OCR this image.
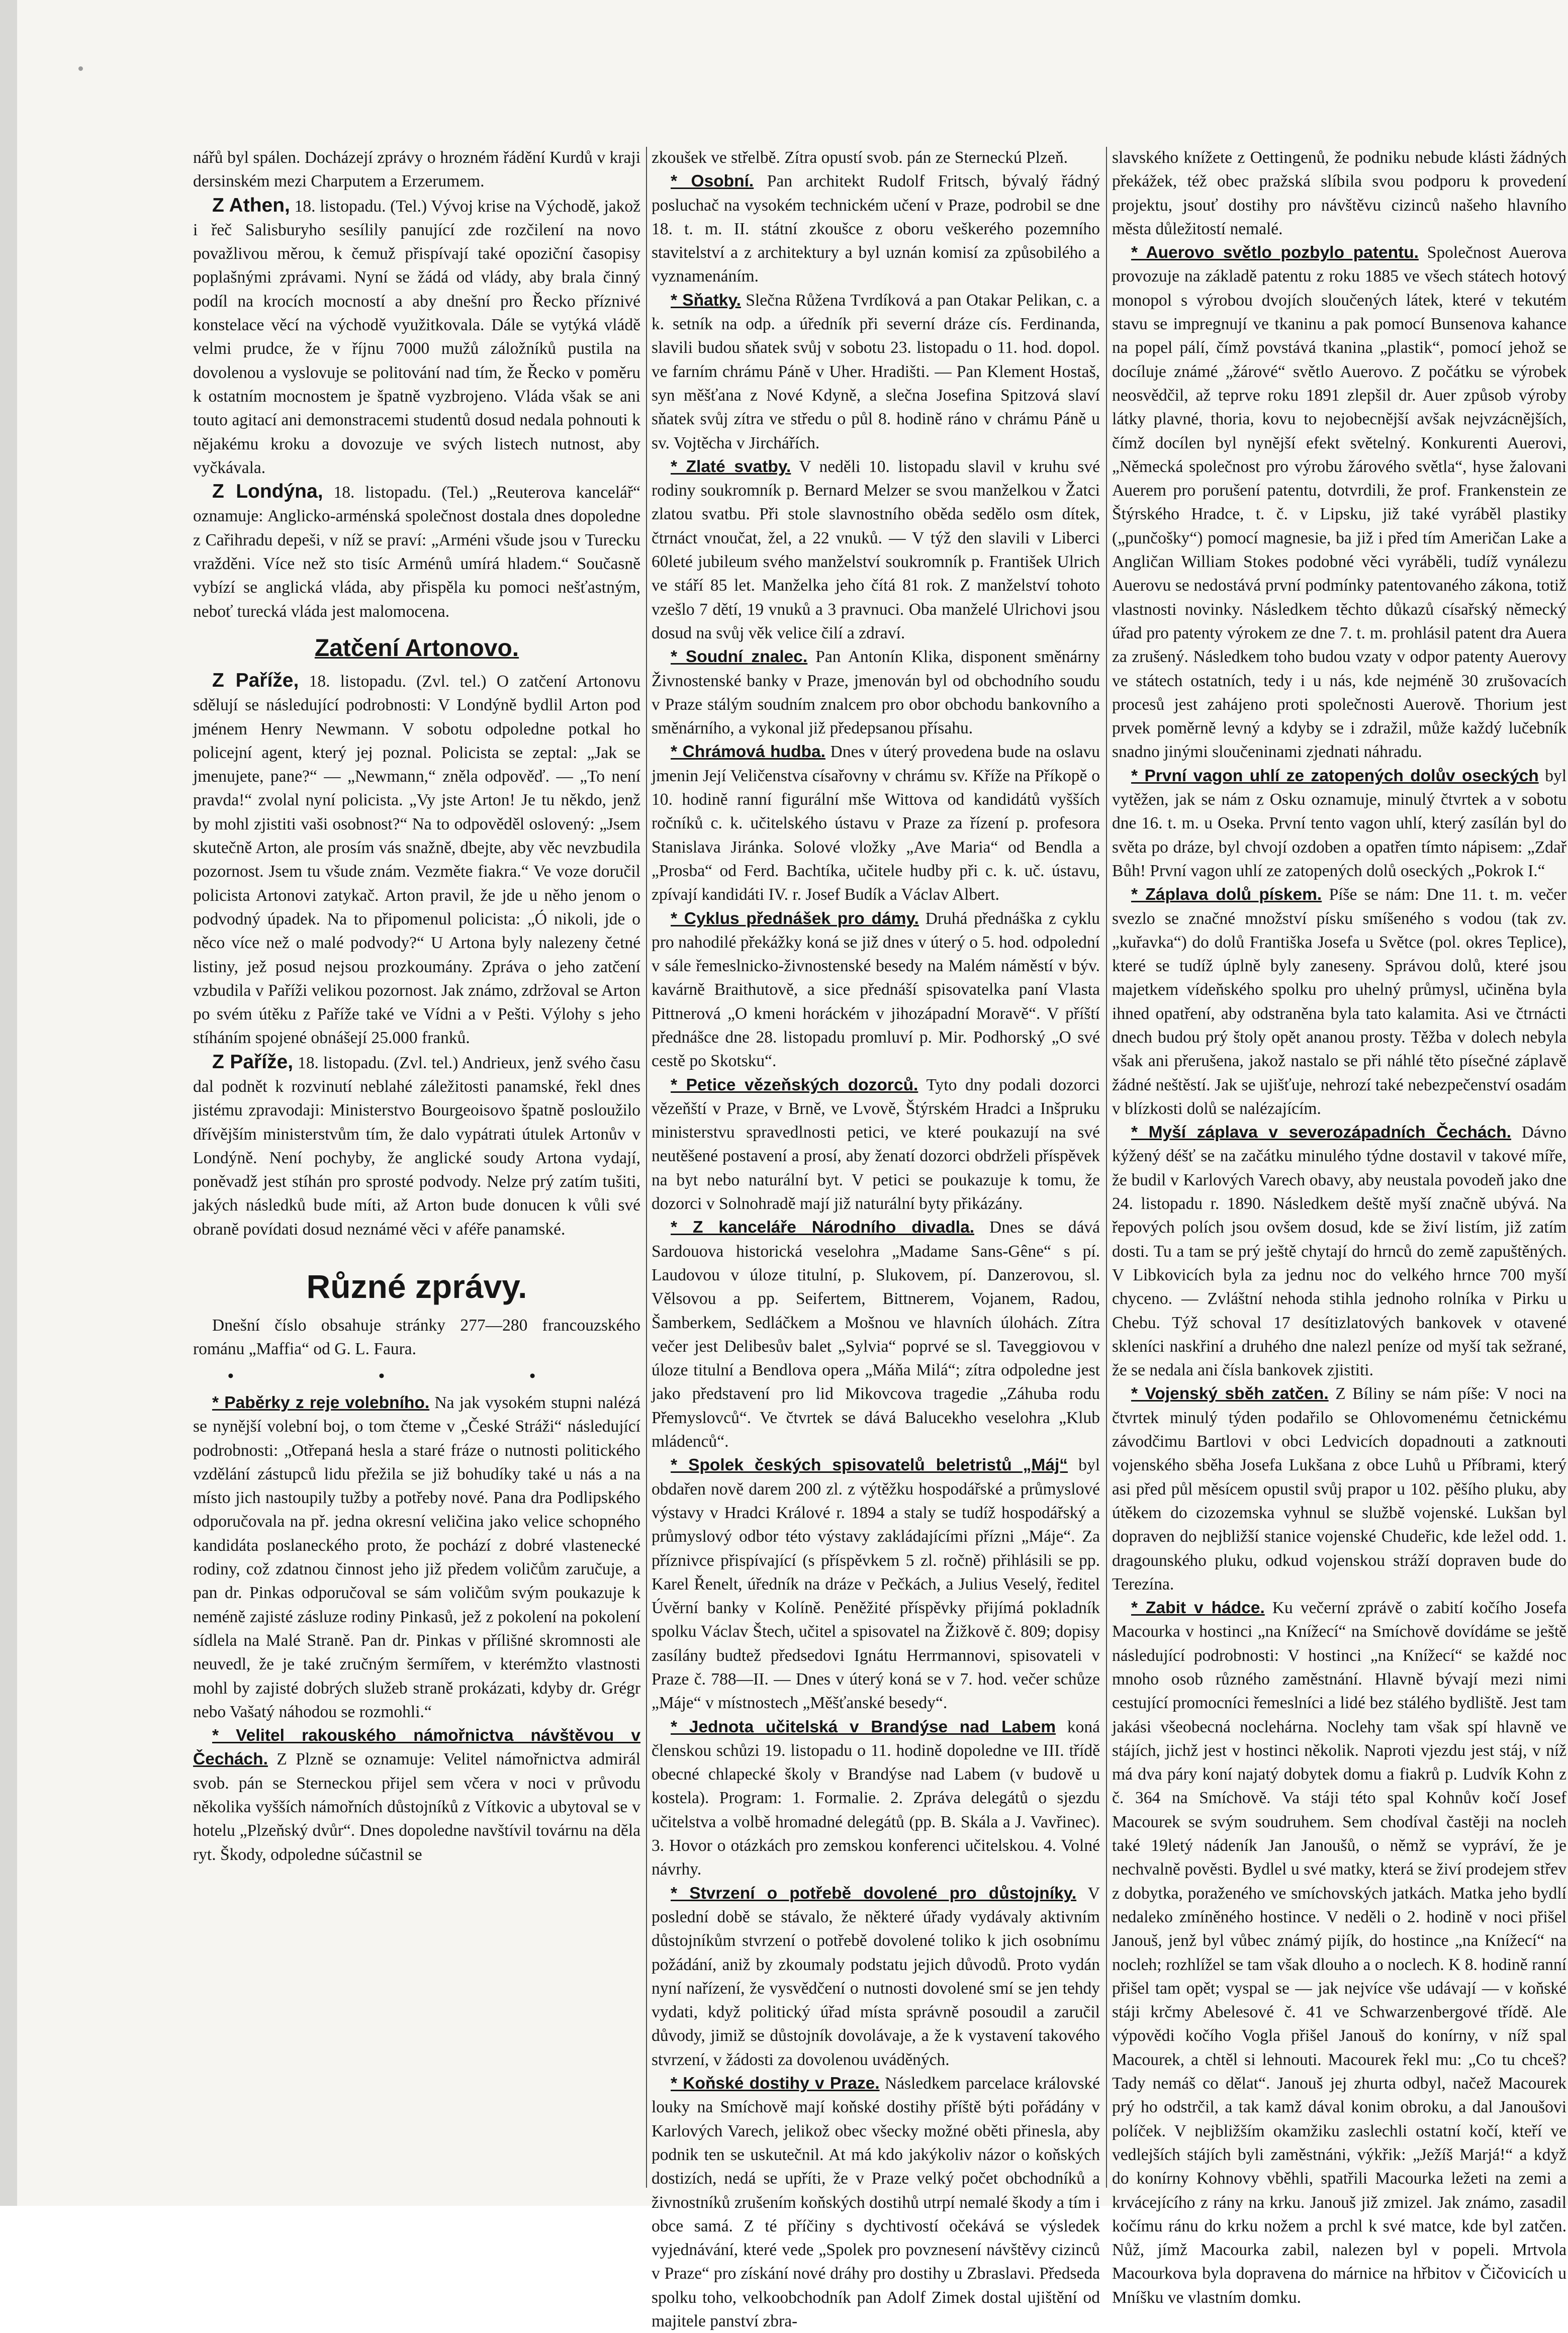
nářů byl spálen. Docházejí zprávy o hrozném řádění Kurdů v kraji dersinském mezi Charputem a Erzerumem.

Z Athen, 18. listopadu. (Tel.) Vývoj krise na Východě, jakož i řeč Salisburyho sesílily panující zde rozčilení na novo považlivou měrou, k čemuž přispívají také opoziční časopisy poplašnými zprávami. Nyní se žádá od vlády, aby brala činný podíl na krocích mocností a aby dnešní pro Řecko příznivé konstelace věcí na východě využitkovala. Dále se vytýká vládě velmi prudce, že v říjnu 7000 mužů záložníků pustila na dovolenou a vyslovuje se politování nad tím, že Řecko v poměru k ostatním mocnostem je špatně vyzbrojeno. Vláda však se ani touto agitací ani demonstracemi studentů dosud nedala pohnouti k nějakému kroku a dovozuje ve svých listech nutnost, aby vyčkávala.

Z Londýna, 18. listopadu. (Tel.) „Reuterova kancelář“ oznamuje: Anglicko-arménská společnost dostala dnes dopoledne z Cařihradu depeši, v níž se praví: „Arméni všude jsou v Turecku vražděni. Více než sto tisíc Arménů umírá hladem.“ Současně vybízí se anglická vláda, aby přispěla ku pomoci nešťastným, neboť turecká vláda jest malomocena.

Zatčení Artonovo.

Z Paříže, 18. listopadu. (Zvl. tel.) O zatčení Artonovu sdělují se následující podrobnosti: V Londýně bydlil Arton pod jménem Henry Newmann. V sobotu odpoledne potkal ho policejní agent, který jej poznal. Policista se zeptal: „Jak se jmenujete, pane?“ — „Newmann,“ zněla odpověď. — „To není pravda!“ zvolal nyní policista. „Vy jste Arton! Je tu někdo, jenž by mohl zjistiti vaši osobnost?“ Na to odpověděl oslovený: „Jsem skutečně Arton, ale prosím vás snažně, dbejte, aby věc nevzbudila pozornost. Jsem tu všude znám. Vezměte fiakra.“ Ve voze doručil policista Artonovi zatykač. Arton pravil, že jde u něho jenom o podvodný úpadek. Na to připomenul policista: „Ó nikoli, jde o něco více než o malé podvody?“ U Artona byly nalezeny četné listiny, jež posud nejsou prozkoumány. Zpráva o jeho zatčení vzbudila v Paříži velikou pozornost. Jak známo, zdržoval se Arton po svém útěku z Paříže také ve Vídni a v Pešti. Výlohy s jeho stíháním spojené obnášejí 25.000 franků.

Z Paříže, 18. listopadu. (Zvl. tel.) Andrieux, jenž svého času dal podnět k rozvinutí neblahé záležitosti panamské, řekl dnes jistému zpravodaji: Ministerstvo Bourgeoisovo špatně posloužilo dřívějším ministerstvům tím, že dalo vypátrati útulek Artonův v Londýně. Není pochyby, že anglické soudy Artona vydají, poněvadž jest stíhán pro sprosté podvody. Nelze prý zatím tušiti, jakých následků bude míti, až Arton bude donucen k vůli své obraně povídati dosud neznámé věci v aféře panamské.

Různé zprávy.

Dnešní číslo obsahuje stránky 277—280 francouzského románu „Maffia“ od G. L. Faura.

• • •

* Paběrky z reje volebního. Na jak vysokém stupni nalézá se nynější volební boj, o tom čteme v „České Stráži“ následující podrobnosti: „Otřepaná hesla a staré fráze o nutnosti politického vzdělání zástupců lidu přežila se již bohudíky také u nás a na místo jich nastoupily tužby a potřeby nové. Pana dra Podlipského odporučovala na př. jedna okresní veličina jako velice schopného kandidáta poslaneckého proto, že pochází z dobré vlastenecké rodiny, což zdatnou činnost jeho již předem voličům zaručuje, a pan dr. Pinkas odporučoval se sám voličům svým poukazuje k neméně zajisté zásluze rodiny Pinkasů, jež z pokolení na pokolení sídlela na Malé Straně. Pan dr. Pinkas v přílišné skromnosti ale neuvedl, že je také zručným šermířem, v kterémžto vlastnosti mohl by zajisté dobrých služeb straně prokázati, kdyby dr. Grégr nebo Vašatý náhodou se rozmohli.“

* Velitel rakouského námořnictva návštěvou v Čechách. Z Plzně se oznamuje: Velitel námořnictva admirál svob. pán se Sterneckou přijel sem včera v noci v průvodu několika vyšších námořních důstojníků z Vítkovic a ubytoval se v hotelu „Plzeňský dvůr“. Dnes dopoledne navštívil továrnu na děla ryt. Škody, odpoledne súčastnil se

zkoušek ve střelbě. Zítra opustí svob. pán ze Sterneckú Plzeň.

* Osobní. Pan architekt Rudolf Fritsch, bývalý řádný posluchač na vysokém technickém učení v Praze, podrobil se dne 18. t. m. II. státní zkoušce z oboru veškerého pozemního stavitelství a z architektury a byl uznán komisí za způsobilého a vyznamenáním.

* Sňatky. Slečna Růžena Tvrdíková a pan Otakar Pelikan, c. a k. setník na odp. a úředník při severní dráze cís. Ferdinanda, slavili budou sňatek svůj v sobotu 23. listopadu o 11. hod. dopol. ve farním chrámu Páně v Uher. Hradišti. — Pan Klement Hostaš, syn měšťana z Nové Kdyně, a slečna Josefina Spitzová slaví sňatek svůj zítra ve středu o půl 8. hodině ráno v chrámu Páně u sv. Vojtěcha v Jirchářích.

* Zlaté svatby. V neděli 10. listopadu slavil v kruhu své rodiny soukromník p. Bernard Melzer se svou manželkou v Žatci zlatou svatbu. Při stole slavnostního oběda sedělo osm dítek, čtrnáct vnoučat, žel, a 22 vnuků. — V týž den slavili v Liberci 60leté jubileum svého manželství soukromník p. František Ulrich ve stáří 85 let. Manželka jeho čítá 81 rok. Z manželství tohoto vzešlo 7 dětí, 19 vnuků a 3 pravnuci. Oba manželé Ulrichovi jsou dosud na svůj věk velice čilí a zdraví.

* Soudní znalec. Pan Antonín Klika, disponent směnárny Živnostenské banky v Praze, jmenován byl od obchodního soudu v Praze stálým soudním znalcem pro obor obchodu bankovního a směnárního, a vykonal již předepsanou přísahu.

* Chrámová hudba. Dnes v úterý provedena bude na oslavu jmenin Její Veličenstva císařovny v chrámu sv. Kříže na Příkopě o 10. hodině ranní figurální mše Wittova od kandidátů vyšších ročníků c. k. učitelského ústavu v Praze za řízení p. profesora Stanislava Jiránka. Solové vložky „Ave Maria“ od Bendla a „Prosba“ od Ferd. Bachtíka, učitele hudby při c. k. uč. ústavu, zpívají kandidáti IV. r. Josef Budík a Václav Albert.

* Cyklus přednášek pro dámy. Druhá přednáška z cyklu pro nahodilé překážky koná se již dnes v úterý o 5. hod. odpolední v sále řemeslnicko-živnostenské besedy na Malém náměstí v býv. kavárně Braithutově, a sice přednáší spisovatelka paní Vlasta Pittnerová „O kmeni horáckém v jihozápadní Moravě“. V příští přednášce dne 28. listopadu promluví p. Mir. Podhorský „O své cestě po Skotsku“.

* Petice vězeňských dozorců. Tyto dny podali dozorci vězeňští v Praze, v Brně, ve Lvově, Štýrském Hradci a Inšpruku ministerstvu spravedlnosti petici, ve které poukazují na své neutěšené postavení a prosí, aby ženatí dozorci obdrželi příspěvek na byt nebo naturální byt. V petici se poukazuje k tomu, že dozorci v Solnohradě mají již naturální byty přikázány.

* Z kanceláře Národního divadla. Dnes se dává Sardouova historická veselohra „Madame Sans-Gêne“ s pí. Laudovou v úloze titulní, p. Slukovem, pí. Danzerovou, sl. Vělsovou a pp. Seifertem, Bittnerem, Vojanem, Radou, Šamberkem, Sedláčkem a Mošnou ve hlavních úlohách. Zítra večer jest Delibesův balet „Sylvia“ poprvé se sl. Taveggiovou v úloze titulní a Bendlova opera „Máňa Milá“; zítra odpoledne jest jako představení pro lid Mikovcova tragedie „Záhuba rodu Přemyslovců“. Ve čtvrtek se dává Balucekho veselohra „Klub mládenců“.

* Spolek českých spisovatelů beletristů „Máj“ byl obdařen nově darem 200 zl. z výtěžku hospodářské a průmyslové výstavy v Hradci Králové r. 1894 a staly se tudíž hospodářský a průmyslový odbor této výstavy zakládajícími přízni „Máje“. Za příznivce přispívající (s příspěvkem 5 zl. ročně) přihlásili se pp. Karel Řenelt, úředník na dráze v Pečkách, a Julius Veselý, ředitel Úvěrní banky v Kolíně. Peněžité příspěvky přijímá pokladník spolku Václav Štech, učitel a spisovatel na Žižkově č. 809; dopisy zasílány budtež předsedovi Ignátu Herrmannovi, spisovateli v Praze č. 788—II. — Dnes v úterý koná se v 7. hod. večer schůze „Máje“ v místnostech „Měšťanské besedy“.

* Jednota učitelská v Brandýse nad Labem koná členskou schůzi 19. listopadu o 11. hodině dopoledne ve III. třídě obecné chlapecké školy v Brandýse nad Labem (v budově u kostela). Program: 1. Formalie. 2. Zpráva delegátů o sjezdu učitelstva a volbě hromadné delegátů (pp. B. Skála a J. Vavřinec). 3. Hovor o otázkách pro zemskou konferenci učitelskou. 4. Volné návrhy.

* Stvrzení o potřebě dovolené pro důstojníky. V poslední době se stávalo, že některé úřady vydávaly aktivním důstojníkům stvrzení o potřebě dovolené toliko k jich osobnímu požádání, aniž by zkoumaly podstatu jejich důvodů. Proto vydán nyní nařízení, že vysvědčení o nutnosti dovolené smí se jen tehdy vydati, když politický úřad místa správně posoudil a zaručil důvody, jimiž se důstojník dovolávaje, a že k vystavení takového stvrzení, v žádosti za dovolenou uváděných.

* Koňské dostihy v Praze. Následkem parcelace královské louky na Smíchově mají koňské dostihy příště býti pořádány v Karlových Varech, jelikož obec všecky možné oběti přinesla, aby podnik ten se uskutečnil. At má kdo jakýkoliv názor o koňských dostizích, nedá se upříti, že v Praze velký počet obchodníků a živnostníků zrušením koňských dostihů utrpí nemalé škody a tím i obce samá. Z té příčiny s dychtivostí očekává se výsledek vyjednávání, které vede „Spolek pro povznesení návštěvy cizinců v Praze“ pro získání nové dráhy pro dostihy u Zbraslavi. Předseda spolku toho, velkoobchodník pan Adolf Zimek dostal ujištění od majitele panství zbra-

slavského knížete z Oettingenů, že podniku nebude klásti žádných překážek, též obec pražská slíbila svou podporu k provedení projektu, jsouť dostihy pro návštěvu cizinců našeho hlavního města důležitostí nemalé.

* Auerovo světlo pozbylo patentu. Společnost Auerova provozuje na základě patentu z roku 1885 ve všech státech hotový monopol s výrobou dvojích sloučených látek, které v tekutém stavu se impregnují ve tkaninu a pak pomocí Bunsenova kahance na popel pálí, čímž povstává tkanina „plastik“, pomocí jehož se docíluje známé „žárové“ světlo Auerovo. Z počátku se výrobek neosvědčil, až teprve roku 1891 zlepšil dr. Auer způsob výroby látky plavné, thoria, kovu to nejobecnější avšak nejvzácnějších, čímž docílen byl nynější efekt světelný. Konkurenti Auerovi, „Německá společnost pro výrobu žárového světla“, hyse žalovani Auerem pro porušení patentu, dotvrdili, že prof. Frankenstein ze Štýrského Hradce, t. č. v Lipsku, již také vyráběl plastiky („punčošky“) pomocí magnesie, ba již i před tím Američan Lake a Angličan William Stokes podobné věci vyráběli, tudíž vynálezu Auerovu se nedostává první podmínky patentovaného zákona, totiž vlastnosti novinky. Následkem těchto důkazů císařský německý úřad pro patenty výrokem ze dne 7. t. m. prohlásil patent dra Auera za zrušený. Následkem toho budou vzaty v odpor patenty Auerovy ve státech ostatních, tedy i u nás, kde nejméně 30 zrušovacích procesů jest zahájeno proti společnosti Auerově. Thorium jest prvek poměrně levný a kdyby se i zdražil, může každý lučebník snadno jinými sloučeninami zjednati náhradu.

* První vagon uhlí ze zatopených dolův oseckých byl vytěžen, jak se nám z Osku oznamuje, minulý čtvrtek a v sobotu dne 16. t. m. u Oseka. První tento vagon uhlí, který zasílán byl do světa po dráze, byl chvojí ozdoben a opatřen tímto nápisem: „Zdař Bůh! První vagon uhlí ze zatopených dolů oseckých „Pokrok I.“

* Záplava dolů pískem. Píše se nám: Dne 11. t. m. večer svezlo se značné množství písku smíšeného s vodou (tak zv. „kuřavka“) do dolů Františka Josefa u Světce (pol. okres Teplice), které se tudíž úplně byly zaneseny. Správou dolů, které jsou majetkem vídeňského spolku pro uhelný průmysl, učiněna byla ihned opatření, aby odstraněna byla tato kalamita. Asi ve čtrnácti dnech budou prý štoly opět ananou prosty. Těžba v dolech nebyla však ani přerušena, jakož nastalo se při náhlé těto písečné záplavě žádné neštěstí. Jak se ujišťuje, nehrozí také nebezpečenství osadám v blízkosti dolů se nalézajícím.

* Myší záplava v severozápadních Čechách. Dávno kýžený déšť se na začátku minulého týdne dostavil v takové míře, že budil v Karlových Varech obavy, aby neustala povodeň jako dne 24. listopadu r. 1890. Následkem deště myší značně ubývá. Na řepových polích jsou ovšem dosud, kde se živí listím, již zatím dosti. Tu a tam se prý ještě chytají do hrnců do země zapuštěných. V Libkovicích byla za jednu noc do velkého hrnce 700 myší chyceno. — Zvláštní nehoda stihla jednoho rolníka v Pirku u Chebu. Týž schoval 17 desítizlatových bankovek v otavené skleníci naskřiní a druhého dne nalezl peníze od myší tak sežrané, že se nedala ani čísla bankovek zjistiti.

* Vojenský sběh zatčen. Z Bíliny se nám píše: V noci na čtvrtek minulý týden podařilo se Ohlovomenému četnickému závodčimu Bartlovi v obci Ledvicích dopadnouti a zatknouti vojenského sběha Josefa Lukšana z obce Luhů u Příbrami, který asi před půl měsícem opustil svůj prapor u 102. pěšího pluku, aby útěkem do cizozemska vyhnul se službě vojenské. Lukšan byl dopraven do nejbližší stanice vojenské Chudeřic, kde ležel odd. 1. dragounského pluku, odkud vojenskou stráží dopraven bude do Terezína.

* Zabit v hádce. Ku večerní zprávě o zabití kočího Josefa Macourka v hostinci „na Knížecí“ na Smíchově dovídáme se ještě následující podrobnosti: V hostinci „na Knížecí“ se každé noc mnoho osob různého zaměstnání. Hlavně bývají mezi nimi cestující promocníci řemeslníci a lidé bez stálého bydliště. Jest tam jakási všeobecná noclehárna. Noclehy tam však spí hlavně ve stájích, jichž jest v hostinci několik. Naproti vjezdu jest stáj, v níž má dva páry koní najatý dobytek domu a fiakrů p. Ludvík Kohn z č. 364 na Smíchově. Va stáji této spal Kohnův kočí Josef Macourek se svým soudruhem. Sem chodíval častěji na nocleh také 19letý nádeník Jan Janoušů, o němž se vypráví, že je nechvalně pověsti. Bydlel u své matky, která se živí prodejem střev z dobytka, poraženého ve smíchovských jatkách. Matka jeho bydlí nedaleko zmíněného hostince. V neděli o 2. hodině v noci přišel Janouš, jenž byl vůbec známý pijík, do hostince „na Knížecí“ na nocleh; rozhlížel se tam však dlouho a o noclech. K 8. hodině ranní přišel tam opět; vyspal se — jak nejvíce vše udávají — v koňské stáji krčmy Abelesové č. 41 ve Schwarzenbergové třídě. Ale výpovědi kočího Vogla přišel Janouš do konírny, v níž spal Macourek, a chtěl si lehnouti. Macourek řekl mu: „Co tu chceš? Tady nemáš co dělat“. Janouš jej zhurta odbyl, načež Macourek prý ho odstrčil, a tak kamž dával konim obroku, a dal Janoušovi políček. V nejbližším okamžiku zaslechli ostatní kočí, kteří ve vedlejších stájích byli zaměstnáni, výkřik: „Ježíš Marjá!“ a když do konírny Kohnovy vběhli, spatřili Macourka ležeti na zemi a krvácejícího z rány na krku. Janouš již zmizel. Jak známo, zasadil kočímu ránu do krku nožem a prchl k své matce, kde byl zatčen. Nůž, jímž Macourka zabil, nalezen byl v popeli. Mrtvola Macourkova byla dopravena do márnice na hřbitov v Čičovicích u Mníšku ve vlastním domku.
